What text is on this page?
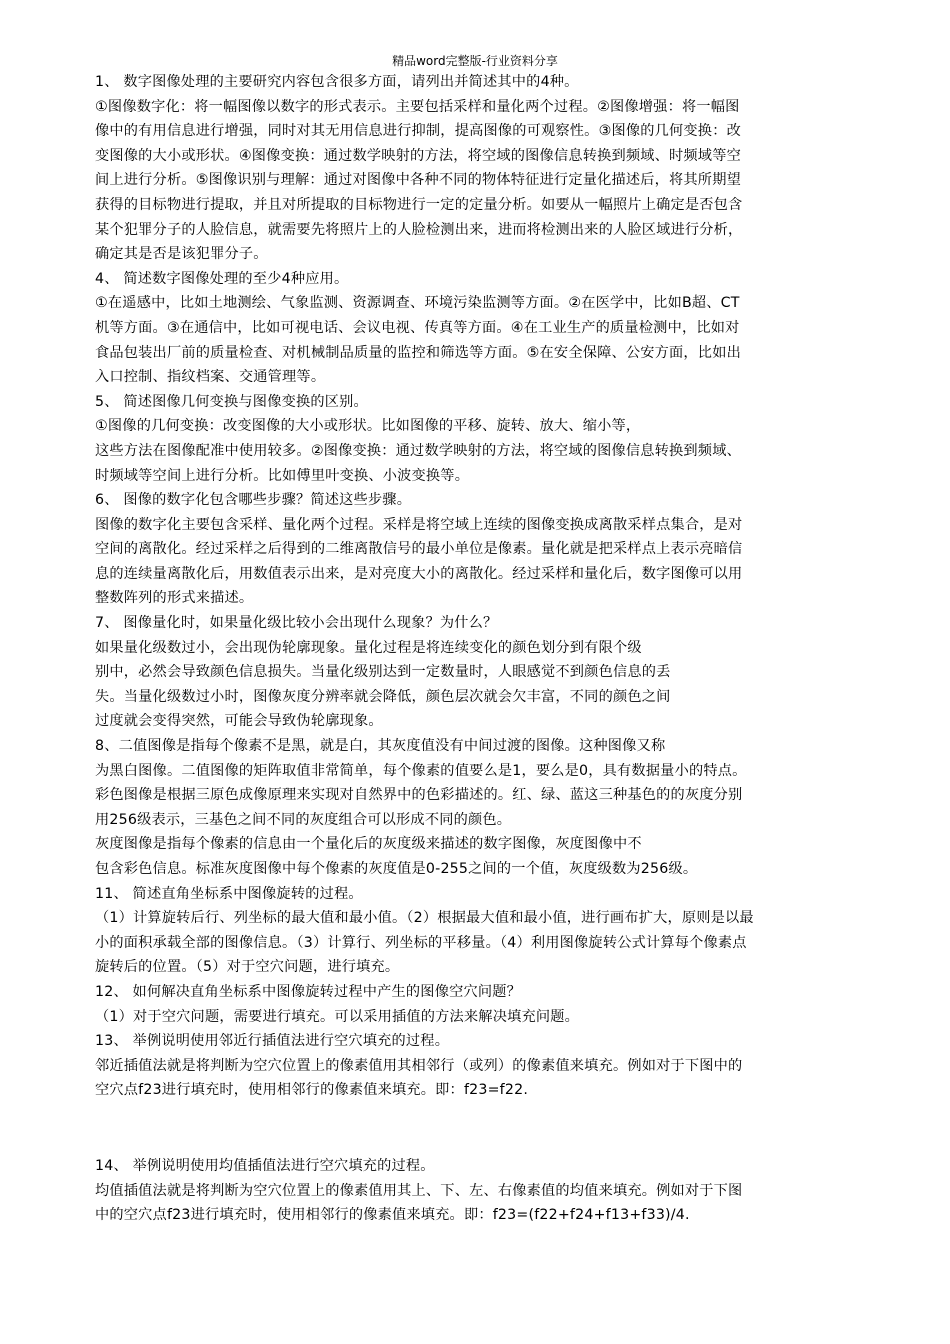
精品word完整版-行业资料分享
1、 数字图像处理的主要研究内容包含很多方面，请列出并简述其中的4种。
①图像数字化：将一幅图像以数字的形式表示。主要包括采样和量化两个过程。②图像增强：将一幅图
像中的有用信息进行增强，同时对其无用信息进行抑制，提高图像的可观察性。③图像的几何变换：改
变图像的大小或形状。④图像变换：通过数学映射的方法，将空域的图像信息转换到频域、时频域等空
间上进行分析。⑤图像识别与理解：通过对图像中各种不同的物体特征进行定量化描述后，将其所期望
获得的目标物进行提取，并且对所提取的目标物进行一定的定量分析。如要从一幅照片上确定是否包含
某个犯罪分子的人脸信息，就需要先将照片上的人脸检测出来，进而将检测出来的人脸区域进行分析，
确定其是否是该犯罪分子。
4、 简述数字图像处理的至少4种应用。
①在遥感中，比如土地测绘、气象监测、资源调查、环境污染监测等方面。②在医学中，比如B超、CT
机等方面。③在通信中，比如可视电话、会议电视、传真等方面。④在工业生产的质量检测中，比如对
食品包装出厂前的质量检查、对机械制品质量的监控和筛选等方面。⑤在安全保障、公安方面，比如出
入口控制、指纹档案、交通管理等。
5、 简述图像几何变换与图像变换的区别。
①图像的几何变换：改变图像的大小或形状。比如图像的平移、旋转、放大、缩小等，
这些方法在图像配准中使用较多。②图像变换：通过数学映射的方法，将空域的图像信息转换到频域、
时频域等空间上进行分析。比如傅里叶变换、小波变换等。
6、 图像的数字化包含哪些步骤？简述这些步骤。
图像的数字化主要包含采样、量化两个过程。采样是将空域上连续的图像变换成离散采样点集合，是对
空间的离散化。经过采样之后得到的二维离散信号的最小单位是像素。量化就是把采样点上表示亮暗信
息的连续量离散化后，用数值表示出来，是对亮度大小的离散化。经过采样和量化后，数字图像可以用
整数阵列的形式来描述。
7、 图像量化时，如果量化级比较小会出现什么现象？为什么？
如果量化级数过小，会出现伪轮廓现象。量化过程是将连续变化的颜色划分到有限个级
别中，必然会导致颜色信息损失。当量化级别达到一定数量时，人眼感觉不到颜色信息的丢
失。当量化级数过小时，图像灰度分辨率就会降低，颜色层次就会欠丰富，不同的颜色之间
过度就会变得突然，可能会导致伪轮廓现象。
8、二值图像是指每个像素不是黑，就是白，其灰度值没有中间过渡的图像。这种图像又称
为黑白图像。二值图像的矩阵取值非常简单，每个像素的值要么是1，要么是0，具有数据量小的特点。
彩色图像是根据三原色成像原理来实现对自然界中的色彩描述的。红、绿、蓝这三种基色的的灰度分别
用256级表示，三基色之间不同的灰度组合可以形成不同的颜色。
灰度图像是指每个像素的信息由一个量化后的灰度级来描述的数字图像，灰度图像中不
包含彩色信息。标准灰度图像中每个像素的灰度值是0-255之间的一个值，灰度级数为256级。
11、 简述直角坐标系中图像旋转的过程。
（1）计算旋转后行、列坐标的最大值和最小值。（2）根据最大值和最小值，进行画布扩大，原则是以最
小的面积承载全部的图像信息。（3）计算行、列坐标的平移量。（4）利用图像旋转公式计算每个像素点
旋转后的位置。（5）对于空穴问题，进行填充。
12、 如何解决直角坐标系中图像旋转过程中产生的图像空穴问题？
（1）对于空穴问题，需要进行填充。可以采用插值的方法来解决填充问题。
13、 举例说明使用邻近行插值法进行空穴填充的过程。
邻近插值法就是将判断为空穴位置上的像素值用其相邻行（或列）的像素值来填充。例如对于下图中的
空穴点f23进行填充时，使用相邻行的像素值来填充。即：f23=f22.
14、 举例说明使用均值插值法进行空穴填充的过程。
均值插值法就是将判断为空穴位置上的像素值用其上、下、左、右像素值的均值来填充。例如对于下图
中的空穴点f23进行填充时，使用相邻行的像素值来填充。即：f23=(f22+f24+f13+f33)/4.
